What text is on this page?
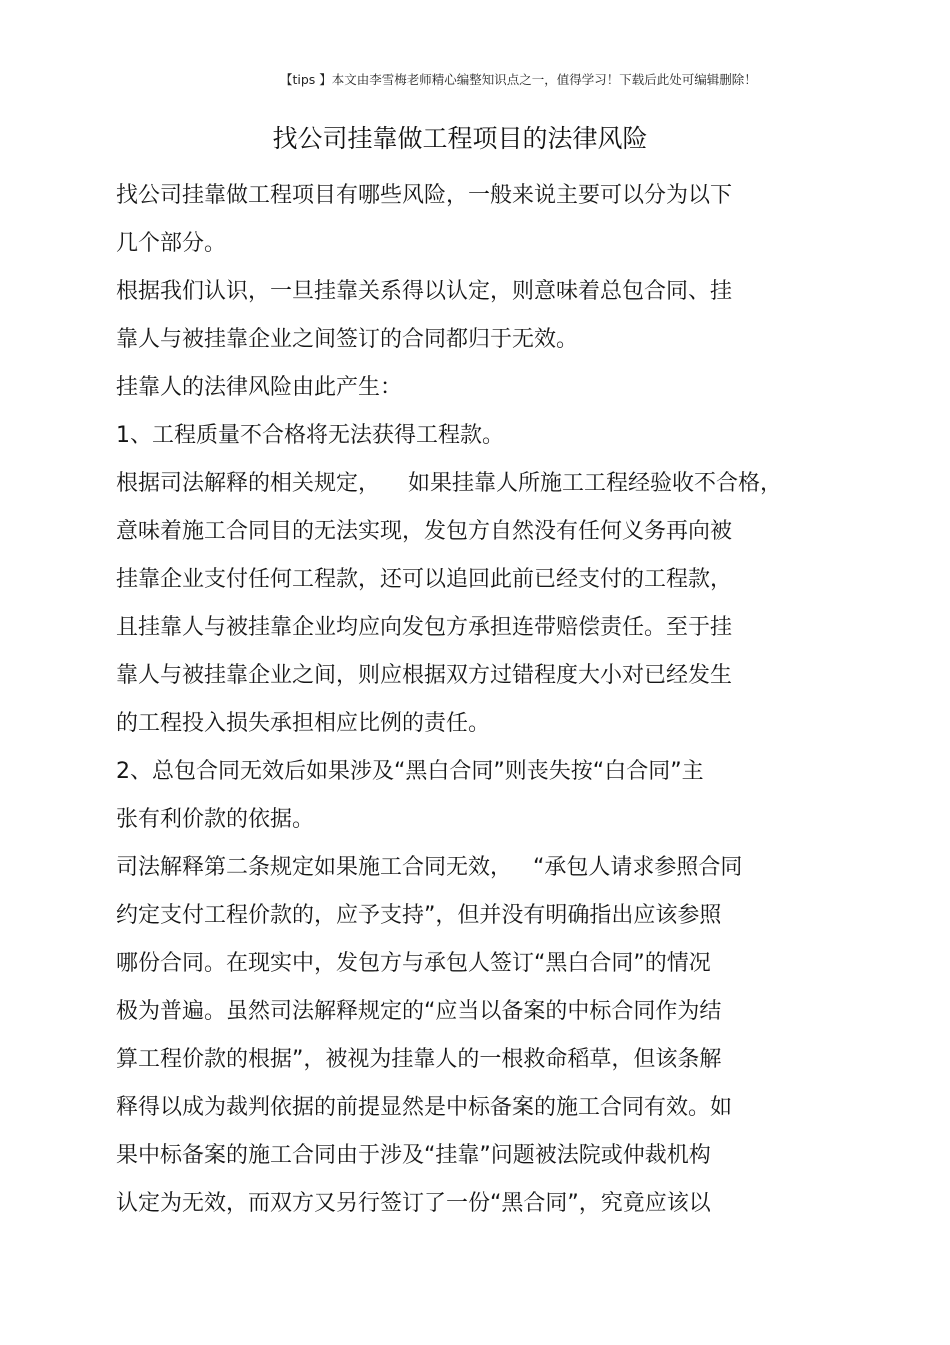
【tips 】本文由李雪梅老师精心编整知识点之一，值得学习！下载后此处可编辑删除！
找公司挂靠做工程项目的法律风险
找公司挂靠做工程项目有哪些风险，一般来说主要可以分为以下
几个部分。
根据我们认识，一旦挂靠关系得以认定，则意味着总包合同、挂
靠人与被挂靠企业之间签订的合同都归于无效。
挂靠人的法律风险由此产生：
1、工程质量不合格将无法获得工程款。
根据司法解释的相关规定，    如果挂靠人所施工工程经验收不合格，
意味着施工合同目的无法实现，发包方自然没有任何义务再向被
挂靠企业支付任何工程款，还可以追回此前已经支付的工程款，
且挂靠人与被挂靠企业均应向发包方承担连带赔偿责任。至于挂
靠人与被挂靠企业之间，则应根据双方过错程度大小对已经发生
的工程投入损失承担相应比例的责任。
2、总包合同无效后如果涉及“黑白合同”则丧失按“白合同”主
张有利价款的依据。
司法解释第二条规定如果施工合同无效，   “承包人请求参照合同
约定支付工程价款的，应予支持”，但并没有明确指出应该参照
哪份合同。在现实中，发包方与承包人签订“黑白合同”的情况
极为普遍。虽然司法解释规定的“应当以备案的中标合同作为结
算工程价款的根据”，被视为挂靠人的一根救命稻草，但该条解
释得以成为裁判依据的前提显然是中标备案的施工合同有效。如
果中标备案的施工合同由于涉及“挂靠”问题被法院或仲裁机构
认定为无效，而双方又另行签订了一份“黑合同”，究竟应该以
